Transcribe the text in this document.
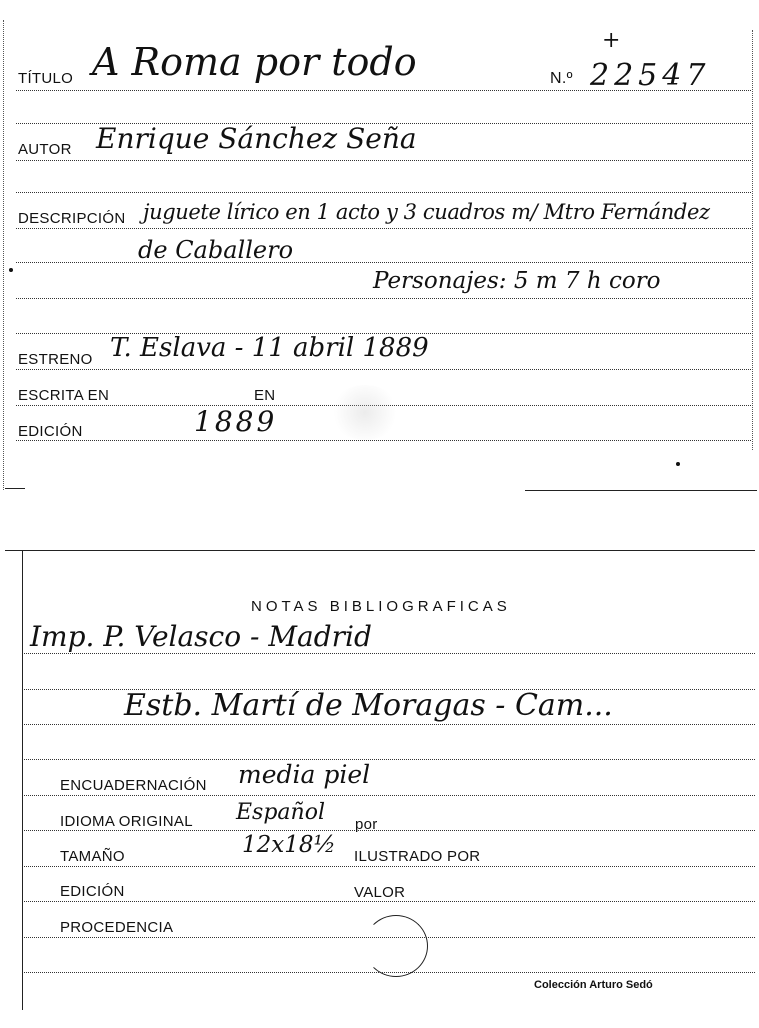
TÍTULO A Roma por todo	N.º
+
22547
AUTOR Enrique Sánchez Seña
DESCRIPCIÓN juguete lírico en 1 acto y 3 cuadros m/ Mtro Fernández
de Caballero
Personajes: 5 m 7 h coro
ESTRENO T. Eslava - 11 abril 1889
ESCRITA EN	EN
EDICIÓN	1889
NOTAS BIBLIOGRAFICAS
Imp. P. Velasco - Madrid
Estb. Martí de Moragas - Cam...
ENCUADERNACIÓN media piel
IDIOMA ORIGINAL Español por
TAMAÑO	12x18½ ILUSTRADO POR
EDICIÓN	VALOR
PROCEDENCIA
Colección Arturo Sedó
